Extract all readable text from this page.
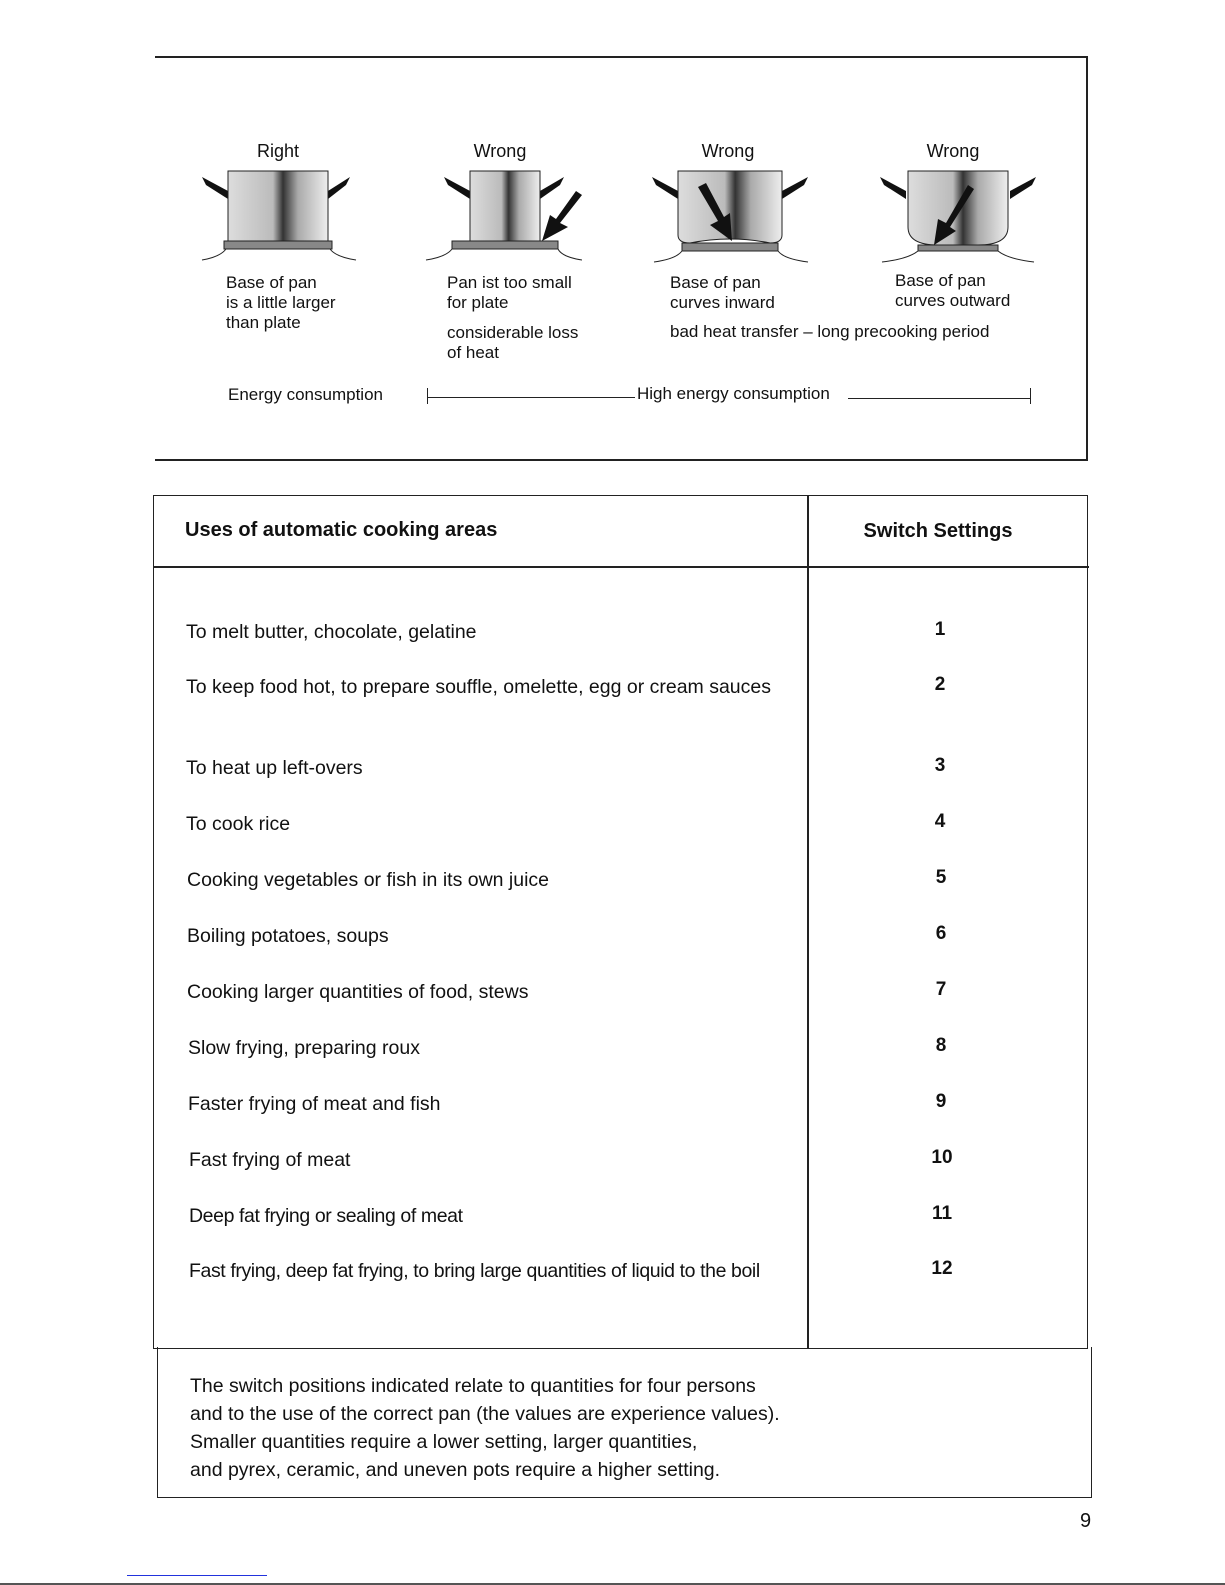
Right	Wrong	Wrong	Wrong
Base of pan
is a little larger
than plate
Pan ist too small
for plate
considerable loss
of heat
Base of pan
curves inward
Base of pan
curves outward
bad heat transfer – long precooking period
Energy consumption	High energy consumption
Uses of automatic cooking areas	Switch Settings
To melt butter, chocolate, gelatine	1
To keep food hot, to prepare souffle, omelette, egg or cream sauces	2
To heat up left-overs	3
To cook rice	4
Cooking vegetables or fish in its own juice	5
Boiling potatoes, soups	6
Cooking larger quantities of food, stews	7
Slow frying, preparing roux	8
Faster frying of meat and fish	9
Fast frying of meat	10
Deep fat frying or sealing of meat	11
Fast frying, deep fat frying, to bring large quantities of liquid to the boil	12
The switch positions indicated relate to quantities for four persons
and to the use of the correct pan (the values are experience values).
Smaller quantities require a lower setting, larger quantities,
and pyrex, ceramic, and uneven pots require a higher setting.
9
